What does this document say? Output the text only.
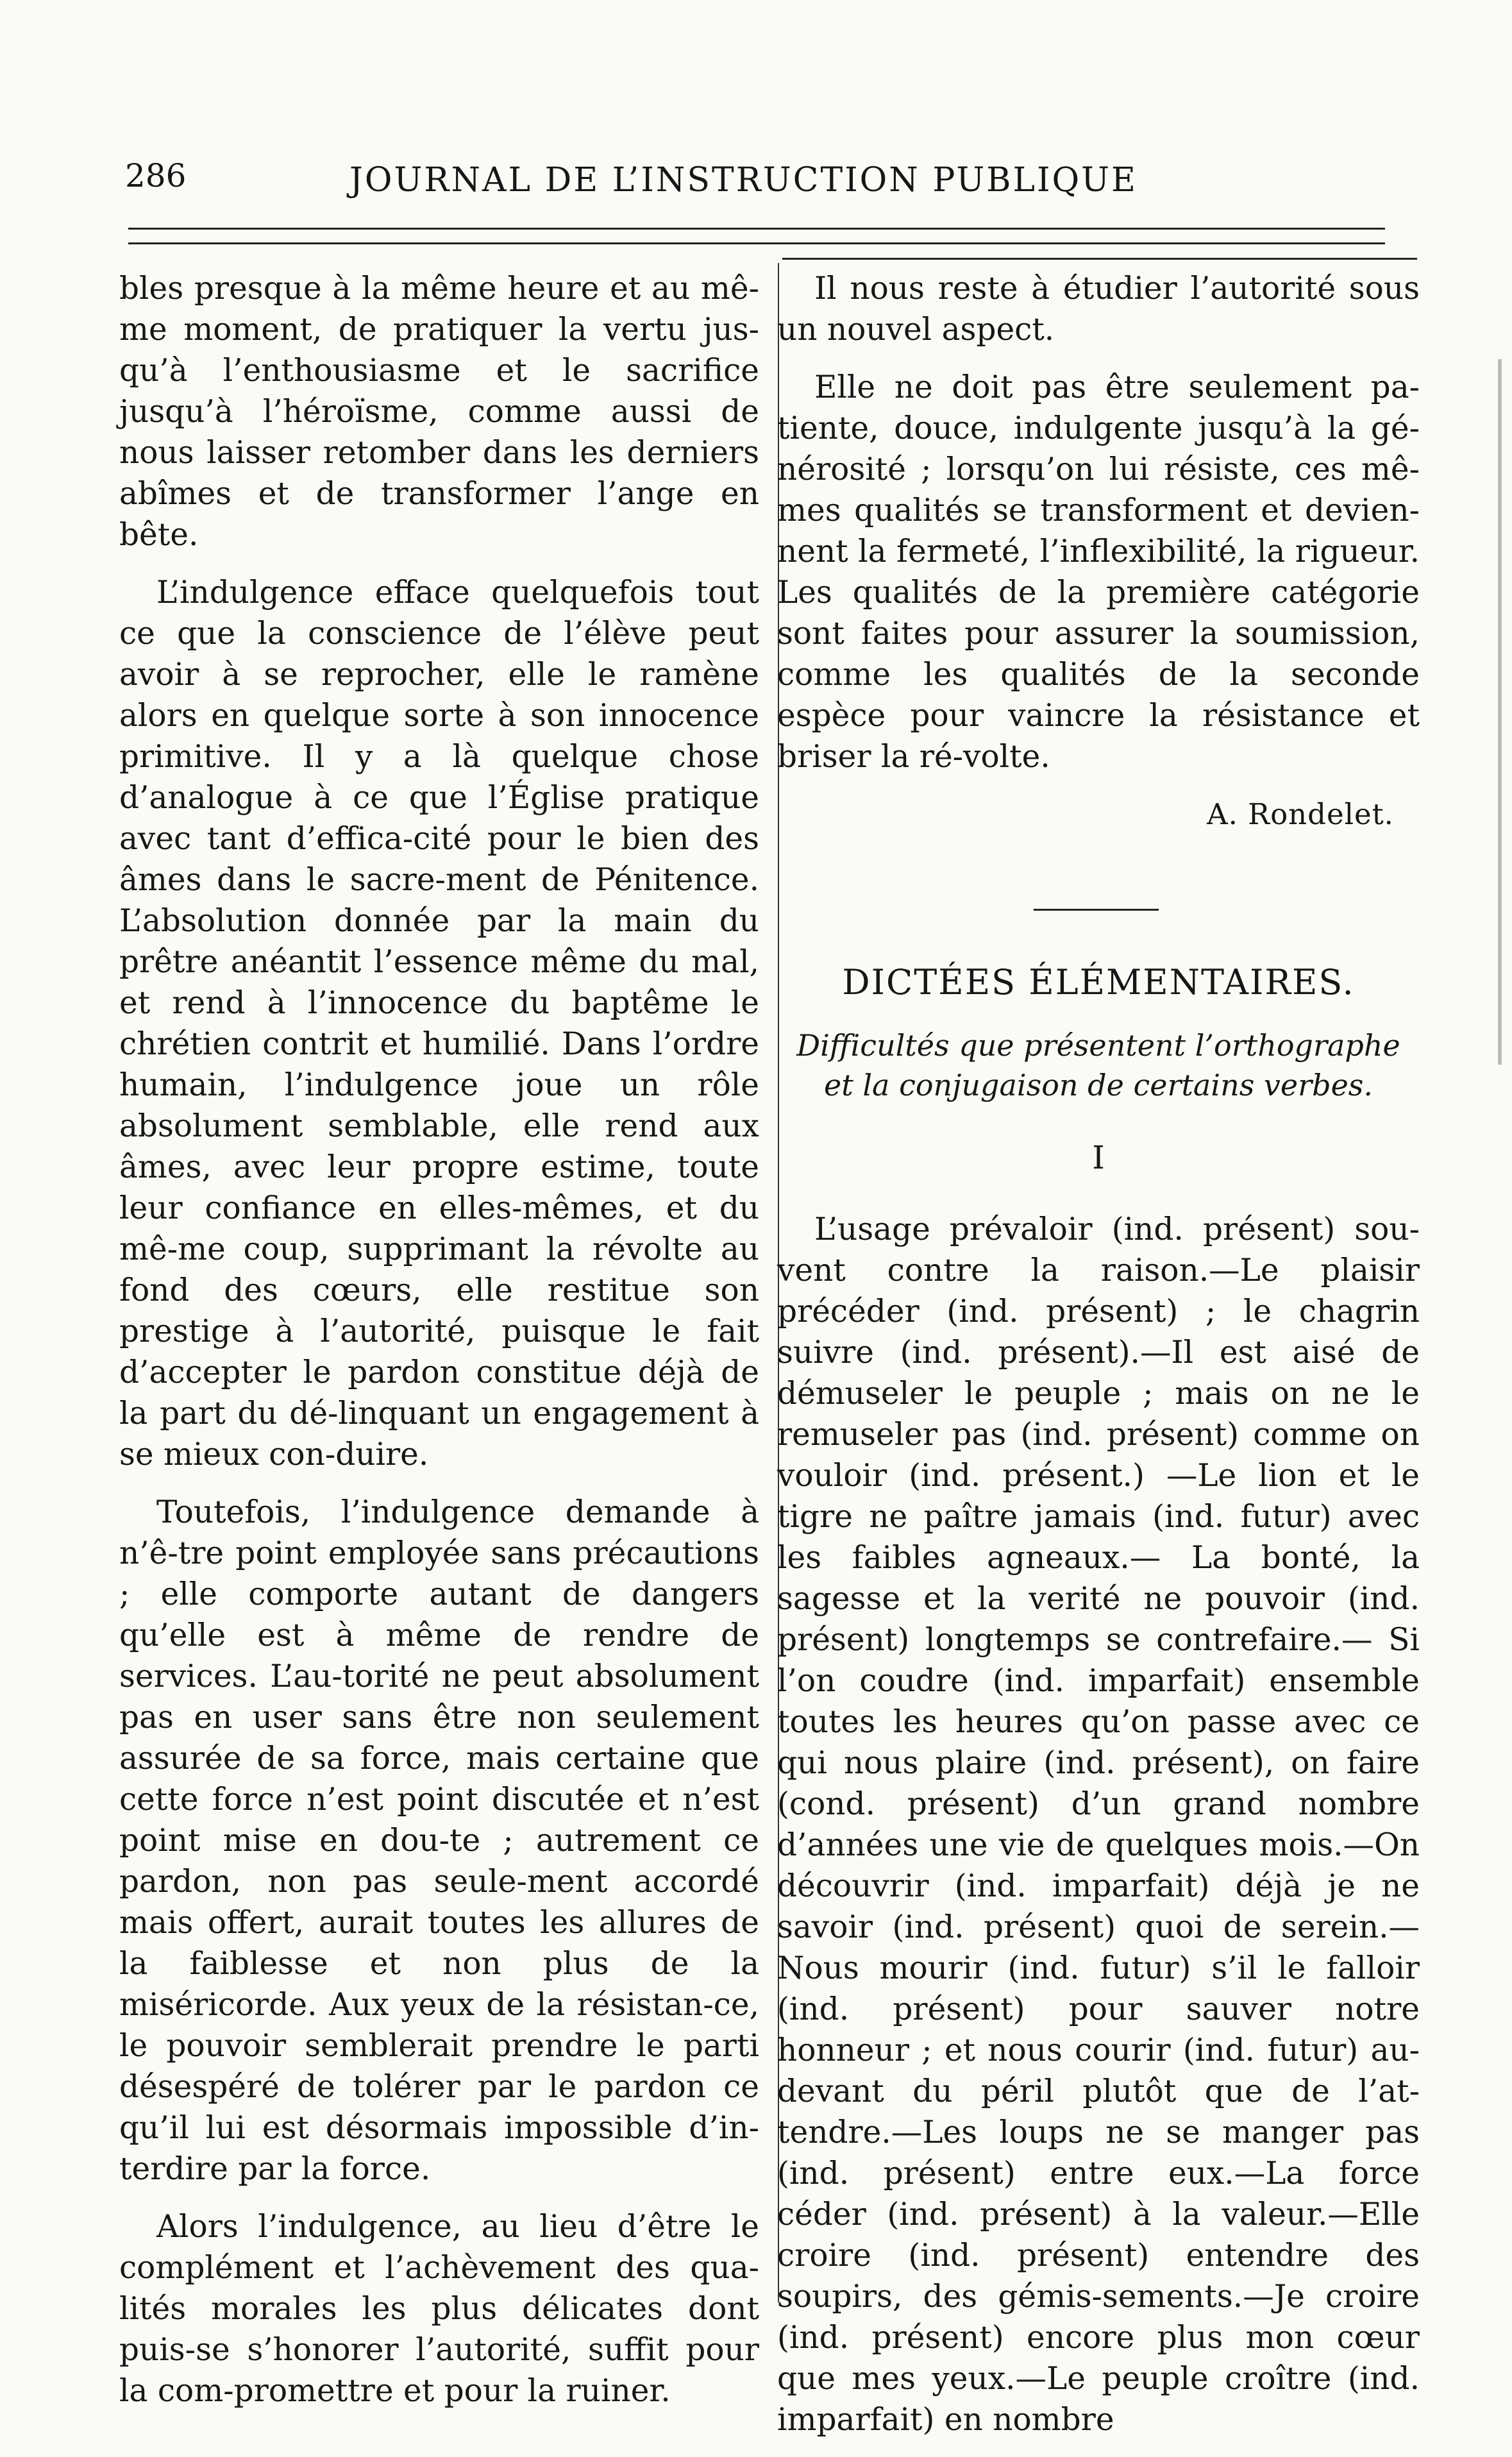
286	JOURNAL DE L’INSTRUCTION PUBLIQUE

bles presque à la même heure et au mê-me moment, de pratiquer la vertu jus-qu’à l’enthousiasme et le sacrifice jusqu’à l’héroïsme, comme aussi de nous laisser retomber dans les derniers abîmes et de transformer l’ange en bête.

L’indulgence efface quelquefois tout ce que la conscience de l’élève peut avoir à se reprocher, elle le ramène alors en quelque sorte à son innocence primitive. Il y a là quelque chose d’analogue à ce que l’Église pratique avec tant d’effica-cité pour le bien des âmes dans le sacre-ment de Pénitence. L’absolution donnée par la main du prêtre anéantit l’essence même du mal, et rend à l’innocence du baptême le chrétien contrit et humilié. Dans l’ordre humain, l’indulgence joue un rôle absolument semblable, elle rend aux âmes, avec leur propre estime, toute leur confiance en elles-mêmes, et du mê-me coup, supprimant la révolte au fond des cœurs, elle restitue son prestige à l’autorité, puisque le fait d’accepter le pardon constitue déjà de la part du dé-linquant un engagement à se mieux con-duire.

Toutefois, l’indulgence demande à n’ê-tre point employée sans précautions ; elle comporte autant de dangers qu’elle est à même de rendre de services. L’au-torité ne peut absolument pas en user sans être non seulement assurée de sa force, mais certaine que cette force n’est point discutée et n’est point mise en dou-te ; autrement ce pardon, non pas seule-ment accordé mais offert, aurait toutes les allures de la faiblesse et non plus de la miséricorde. Aux yeux de la résistan-ce, le pouvoir semblerait prendre le parti désespéré de tolérer par le pardon ce qu’il lui est désormais impossible d’in-terdire par la force.

Alors l’indulgence, au lieu d’être le complément et l’achèvement des qua-lités morales les plus délicates dont puis-se s’honorer l’autorité, suffit pour la com-promettre et pour la ruiner.

Il nous reste à étudier l’autorité sous un nouvel aspect.

Elle ne doit pas être seulement pa-tiente, douce, indulgente jusqu’à la gé-nérosité ; lorsqu’on lui résiste, ces mê-mes qualités se transforment et devien-nent la fermeté, l’inflexibilité, la rigueur. Les qualités de la première catégorie sont faites pour assurer la soumission, comme les qualités de la seconde espèce pour vaincre la résistance et briser la ré-volte.

A. Rondelet.
DICTÉES ÉLÉMENTAIRES.
Difficultés que présentent l’orthographe et la conjugaison de certains verbes.
I

L’usage prévaloir (ind. présent) sou-vent contre la raison.—Le plaisir précéder (ind. présent) ; le chagrin suivre (ind. présent).—Il est aisé de démuseler le peuple ; mais on ne le remuseler pas (ind. présent) comme on vouloir (ind. présent.) —Le lion et le tigre ne paître jamais (ind. futur) avec les faibles agneaux.— La bonté, la sagesse et la verité ne pouvoir (ind. présent) longtemps se contrefaire.— Si l’on coudre (ind. imparfait) ensemble toutes les heures qu’on passe avec ce qui nous plaire (ind. présent), on faire (cond. présent) d’un grand nombre d’années une vie de quelques mois.—On découvrir (ind. imparfait) déjà je ne savoir (ind. présent) quoi de serein.—Nous mourir (ind. futur) s’il le falloir (ind. présent) pour sauver notre honneur ; et nous courir (ind. futur) au-devant du péril plutôt que de l’at-tendre.—Les loups ne se manger pas (ind. présent) entre eux.—La force céder (ind. présent) à la valeur.—Elle croire (ind. présent) entendre des soupirs, des gémis-sements.—Je croire (ind. présent) encore plus mon cœur que mes yeux.—Le peuple croître (ind. imparfait) en nombre
